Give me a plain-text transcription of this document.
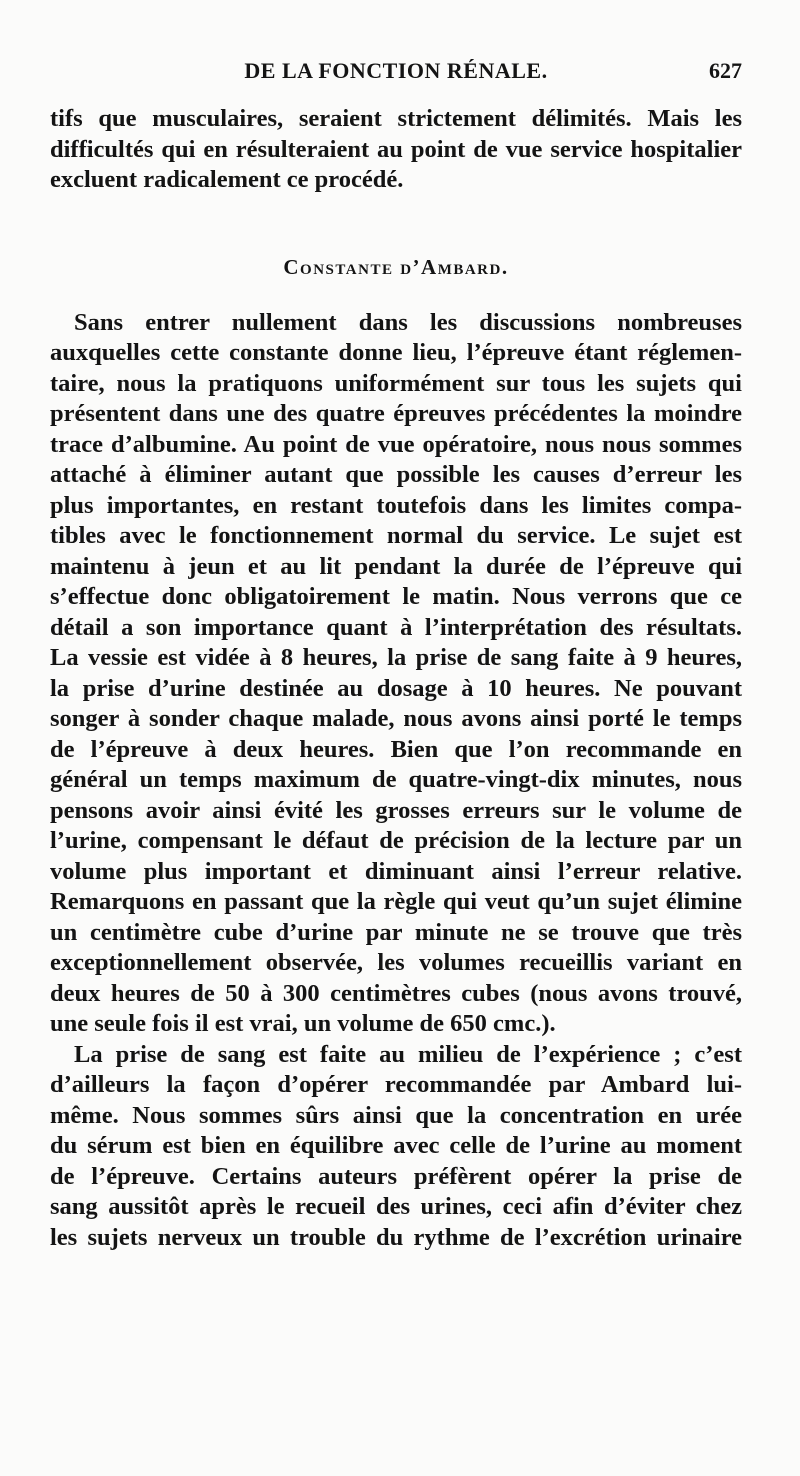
DE LA FONCTION RÉNALE.	627
tifs que musculaires, seraient strictement délimités. Mais les
difficultés qui en résulteraient au point de vue service hospitalier
excluent radicalement ce procédé.
Constante d’Ambard.
Sans entrer nullement dans les discussions nombreuses
auxquelles cette constante donne lieu, l’épreuve étant réglemen-
taire, nous la pratiquons uniformément sur tous les sujets qui
présentent dans une des quatre épreuves précédentes la moindre
trace d’albumine. Au point de vue opératoire, nous nous sommes
attaché à éliminer autant que possible les causes d’erreur les
plus importantes, en restant toutefois dans les limites compa-
tibles avec le fonctionnement normal du service. Le sujet est
maintenu à jeun et au lit pendant la durée de l’épreuve qui
s’effectue donc obligatoirement le matin. Nous verrons que ce
détail a son importance quant à l’interprétation des résultats.
La vessie est vidée à 8 heures, la prise de sang faite à 9 heures,
la prise d’urine destinée au dosage à 10 heures. Ne pouvant
songer à sonder chaque malade, nous avons ainsi porté le temps
de l’épreuve à deux heures. Bien que l’on recommande en
général un temps maximum de quatre-vingt-dix minutes, nous
pensons avoir ainsi évité les grosses erreurs sur le volume de
l’urine, compensant le défaut de précision de la lecture par un
volume plus important et diminuant ainsi l’erreur relative.
Remarquons en passant que la règle qui veut qu’un sujet élimine
un centimètre cube d’urine par minute ne se trouve que très
exceptionnellement observée, les volumes recueillis variant en
deux heures de 50 à 300 centimètres cubes (nous avons trouvé,
une seule fois il est vrai, un volume de 650 cmc.).
La prise de sang est faite au milieu de l’expérience ; c’est
d’ailleurs la façon d’opérer recommandée par Ambard lui-
même. Nous sommes sûrs ainsi que la concentration en urée
du sérum est bien en équilibre avec celle de l’urine au moment
de l’épreuve. Certains auteurs préfèrent opérer la prise de
sang aussitôt après le recueil des urines, ceci afin d’éviter chez
les sujets nerveux un trouble du rythme de l’excrétion urinaire
